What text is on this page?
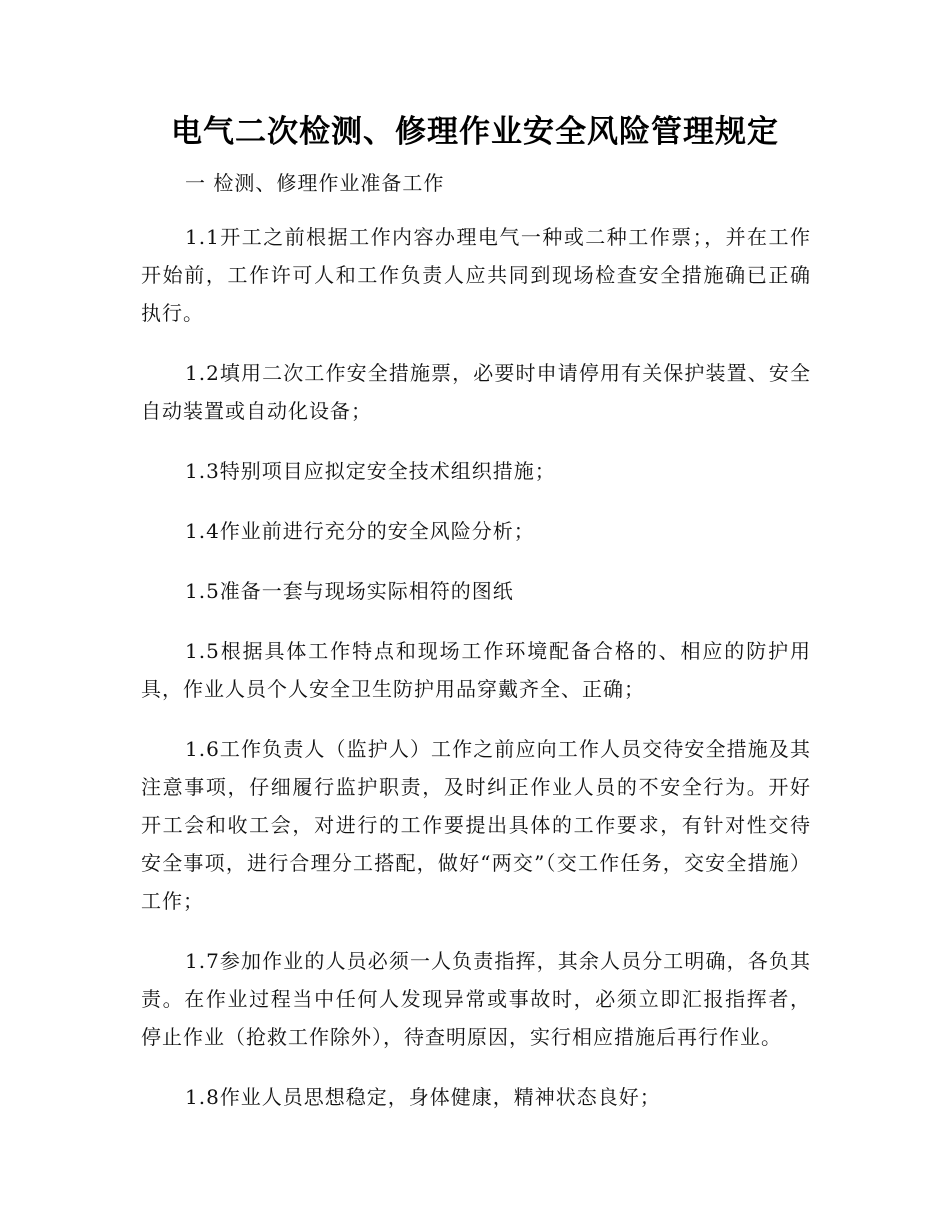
电气二次检测、修理作业安全风险管理规定

一 检测、修理作业准备工作

1.1开工之前根据工作内容办理电气一种或二种工作票；，并在工作开始前，工作许可人和工作负责人应共同到现场检查安全措施确已正确执行。

1.2填用二次工作安全措施票，必要时申请停用有关保护装置、安全自动装置或自动化设备；

1.3特别项目应拟定安全技术组织措施；

1.4作业前进行充分的安全风险分析；

1.5准备一套与现场实际相符的图纸

1.5根据具体工作特点和现场工作环境配备合格的、相应的防护用具，作业人员个人安全卫生防护用品穿戴齐全、正确；

1.6工作负责人（监护人）工作之前应向工作人员交待安全措施及其注意事项，仔细履行监护职责，及时纠正作业人员的不安全行为。开好开工会和收工会，对进行的工作要提出具体的工作要求，有针对性交待安全事项，进行合理分工搭配，做好“两交”（交工作任务，交安全措施）工作；

1.7参加作业的人员必须一人负责指挥，其余人员分工明确，各负其责。在作业过程当中任何人发现异常或事故时，必须立即汇报指挥者，停止作业（抢救工作除外），待查明原因，实行相应措施后再行作业。

1.8作业人员思想稳定，身体健康，精神状态良好；
